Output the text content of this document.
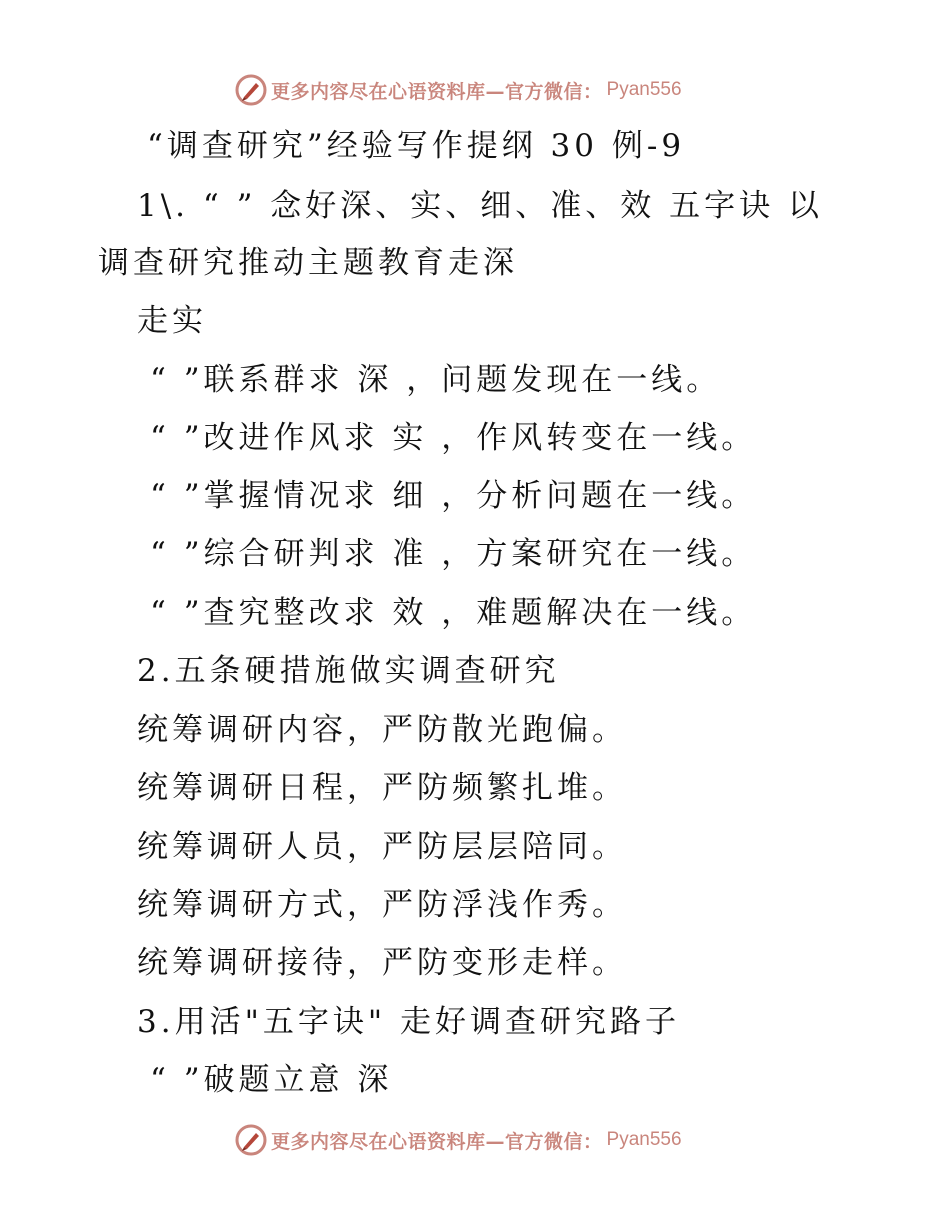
更多内容尽在心语资料库—官方微信： Pyan556
“调查研究”经验写作提纲 30 例-9
1\. “ ” 念好深、实、细、准、效 五字诀 以
调查研究推动主题教育走深
走实
“ ”联系群求 深 ，问题发现在一线。
“ ”改进作风求 实 ，作风转变在一线。
“ ”掌握情况求 细 ，分析问题在一线。
“ ”综合研判求 准 ，方案研究在一线。
“ ”查究整改求 效 ，难题解决在一线。
2.五条硬措施做实调查研究
统筹调研内容，严防散光跑偏。
统筹调研日程，严防频繁扎堆。
统筹调研人员，严防层层陪同。
统筹调研方式，严防浮浅作秀。
统筹调研接待，严防变形走样。
3.用活"五字诀" 走好调查研究路子
“ ”破题立意 深
更多内容尽在心语资料库—官方微信： Pyan556
